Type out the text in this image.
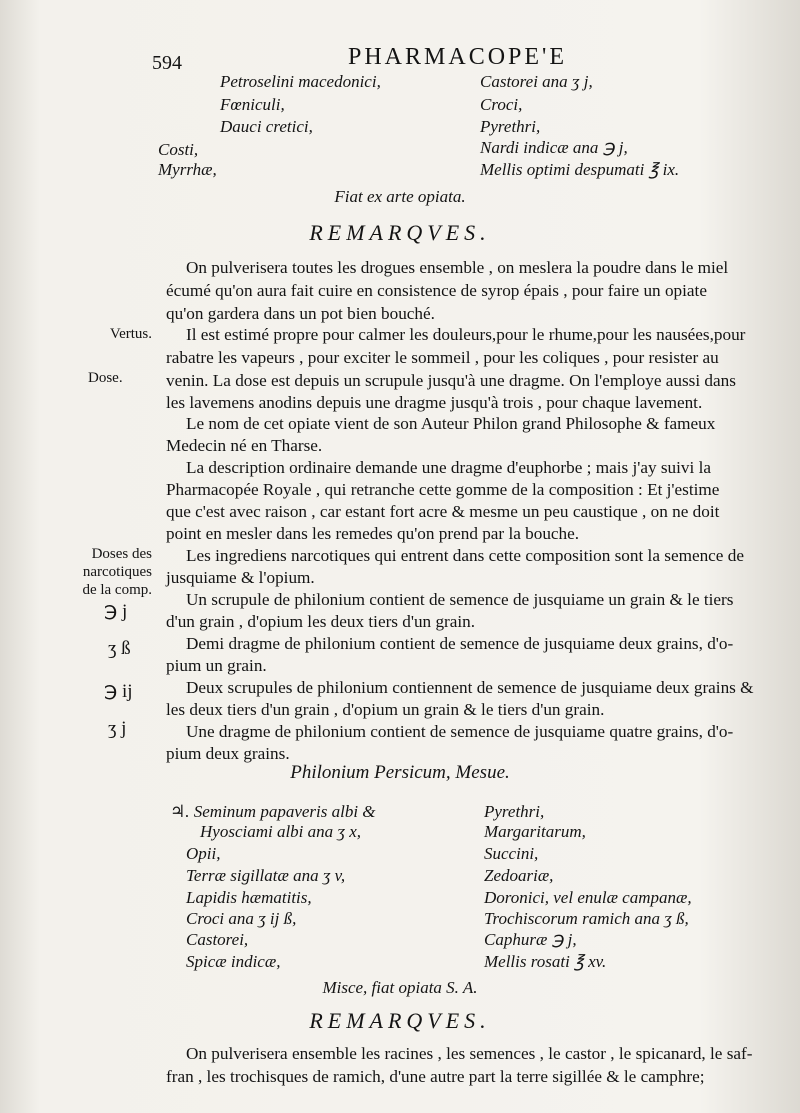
594	PHARMACOPE'E
Petroselini macedonici,
Fœniculi,
Dauci cretici,
Costi,
Myrrhæ,
Castorei ana ʒ j,
Croci,
Pyrethri,
Nardi indicæ ana ℈ j,
Mellis optimi despumati ℥ ix.
Fiat ex arte opiata.
REMARQVES.
On pulverisera toutes les drogues ensemble , on meslera la poudre dans le miel
écumé qu'on aura fait cuire en consistence de syrop épais , pour faire un opiate
qu'on gardera dans un pot bien bouché.
Il est estimé propre pour calmer les douleurs,pour le rhume,pour les nausées,pour
rabatre les vapeurs , pour exciter le sommeil , pour les coliques , pour resister au
venin. La dose est depuis un scrupule jusqu'à une dragme. On l'employe aussi dans
les lavemens anodins depuis une dragme jusqu'à trois , pour chaque lavement.
Le nom de cet opiate vient de son Auteur Philon grand Philosophe & fameux
Medecin né en Tharse.
La description ordinaire demande une dragme d'euphorbe ; mais j'ay suivi la
Pharmacopée Royale , qui retranche cette gomme de la composition : Et j'estime
que c'est avec raison , car estant fort acre & mesme un peu caustique , on ne doit
point en mesler dans les remedes qu'on prend par la bouche.
Les ingrediens narcotiques qui entrent dans cette composition sont la semence de
jusquiame & l'opium.
Un scrupule de philonium contient de semence de jusquiame un grain & le tiers
d'un grain , d'opium les deux tiers d'un grain.
Demi dragme de philonium contient de semence de jusquiame deux grains, d'o-
pium un grain.
Deux scrupules de philonium contiennent de semence de jusquiame deux grains &
les deux tiers d'un grain , d'opium un grain & le tiers d'un grain.
Une dragme de philonium contient de semence de jusquiame quatre grains, d'o-
pium deux grains.
Vertus.
Dose.
Doses des
narcotiques
de la comp.
℈ j
ʒ ß
℈ ij
ʒ j
Philonium Persicum, Mesue.
♃. Seminum papaveris albi &
Hyosciami albi ana ʒ x,
Opii,
Terræ sigillatæ ana ʒ v,
Lapidis hæmatitis,
Croci ana ʒ ij ß,
Castorei,
Spicæ indicæ,
Pyrethri,
Margaritarum,
Succini,
Zedoariæ,
Doronici, vel enulæ campanæ,
Trochiscorum ramich ana ʒ ß,
Caphuræ ℈ j,
Mellis rosati ℥ xv.
Misce, fiat opiata S. A.
REMARQVES.
On pulverisera ensemble les racines , les semences , le castor , le spicanard, le saf-
fran , les trochisques de ramich, d'une autre part la terre sigillée & le camphre;
